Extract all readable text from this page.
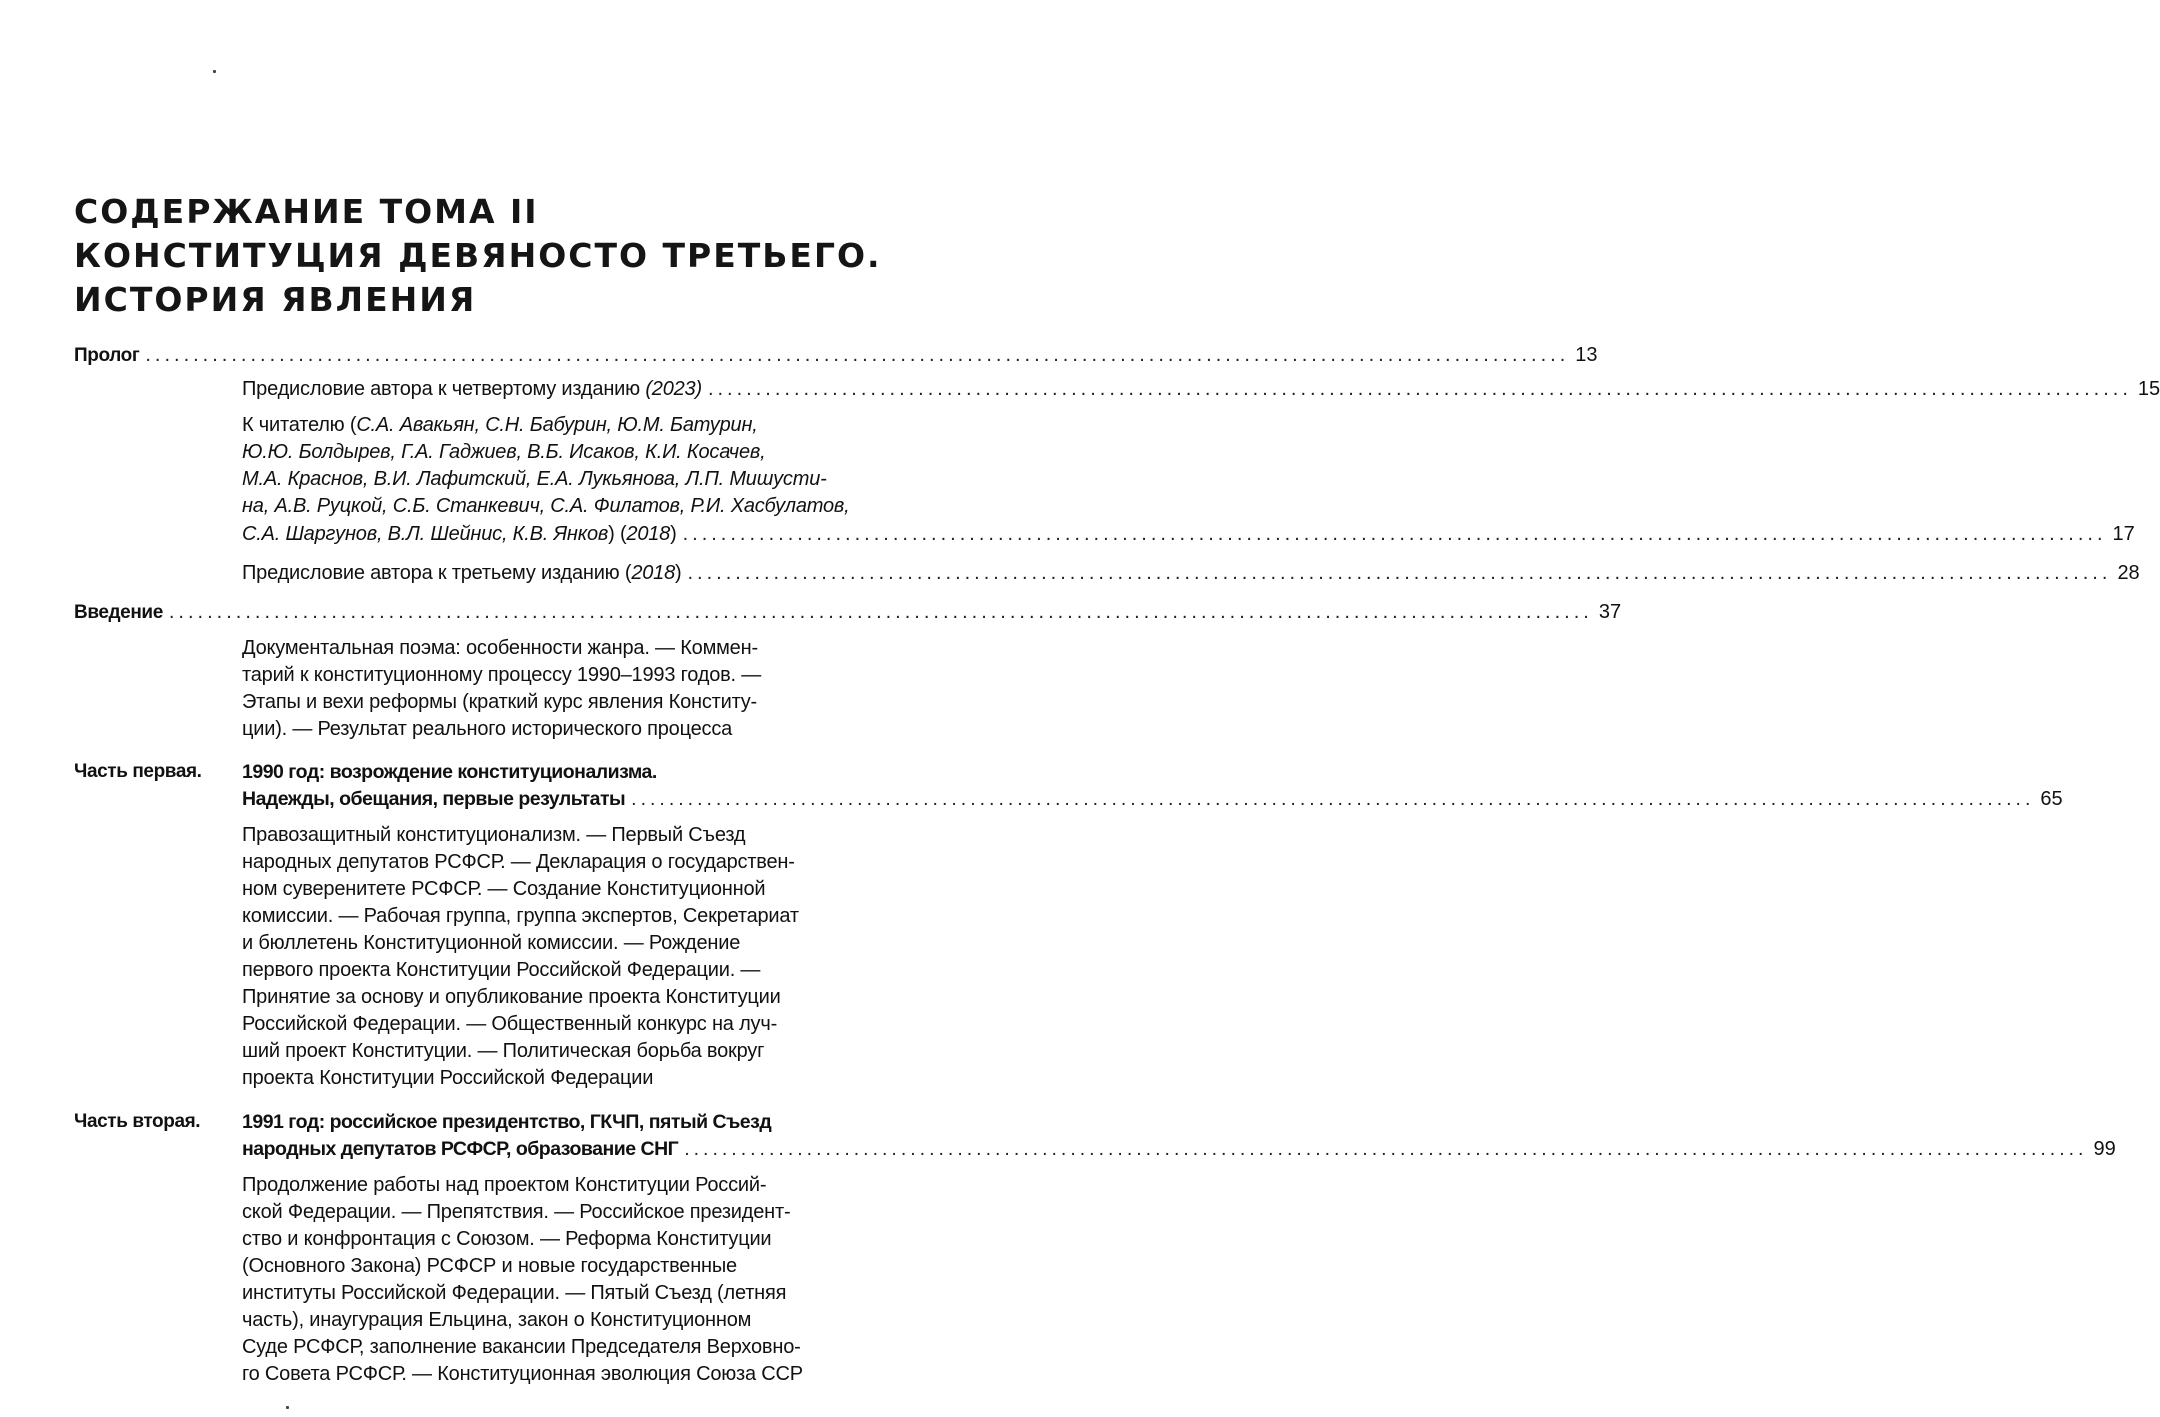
СОДЕРЖАНИЕ ТОМА II
КОНСТИТУЦИЯ ДЕВЯНОСТО ТРЕТЬЕГО.
ИСТОРИЯ ЯВЛЕНИЯ
Пролог ..................................................................................................................................................... 13
Предисловие автора к четвертому изданию (2023) ..................................................................................................................................................... 15
К читателю (С.А. Авакьян, С.Н. Бабурин, Ю.М. Батурин,
Ю.Ю. Болдырев, Г.А. Гаджиев, В.Б. Исаков, К.И. Косачев,
М.А. Краснов, В.И. Лафитский, Е.А. Лукьянова, Л.П. Мишусти-
на, А.В. Руцкой, С.Б. Станкевич, С.А. Филатов, Р.И. Хасбулатов,
С.А. Шаргунов, В.Л. Шейнис, К.В. Янков) (2018) ..................................................................................................................................................... 17
Предисловие автора к третьему изданию (2018) ..................................................................................................................................................... 28
Введение ..................................................................................................................................................... 37
Документальная поэма: особенности жанра. — Коммен-
тарий к конституционному процессу 1990–1993 годов. —
Этапы и вехи реформы (краткий курс явления Конститу-
ции). — Результат реального исторического процесса
Часть первая. 1990 год: возрождение конституционализма.
Надежды, обещания, первые результаты ..................................................................................................................................................... 65
Правозащитный конституционализм. — Первый Съезд
народных депутатов РСФСР. — Декларация о государствен-
ном суверенитете РСФСР. — Создание Конституционной
комиссии. — Рабочая группа, группа экспертов, Секретариат
и бюллетень Конституционной комиссии. — Рождение
первого проекта Конституции Российской Федерации. —
Принятие за основу и опубликование проекта Конституции
Российской Федерации. — Общественный конкурс на луч-
ший проект Конституции. — Политическая борьба вокруг
проекта Конституции Российской Федерации
Часть вторая. 1991 год: российское президентство, ГКЧП, пятый Съезд
народных депутатов РСФСР, образование СНГ ..................................................................................................................................................... 99
Продолжение работы над проектом Конституции Россий-
ской Федерации. — Препятствия. — Российское президент-
ство и конфронтация с Союзом. — Реформа Конституции
(Основного Закона) РСФСР и новые государственные
институты Российской Федерации. — Пятый Съезд (летняя
часть), инаугурация Ельцина, закон о Конституционном
Суде РСФСР, заполнение вакансии Председателя Верховно-
го Совета РСФСР. — Конституционная эволюция Союза ССР
